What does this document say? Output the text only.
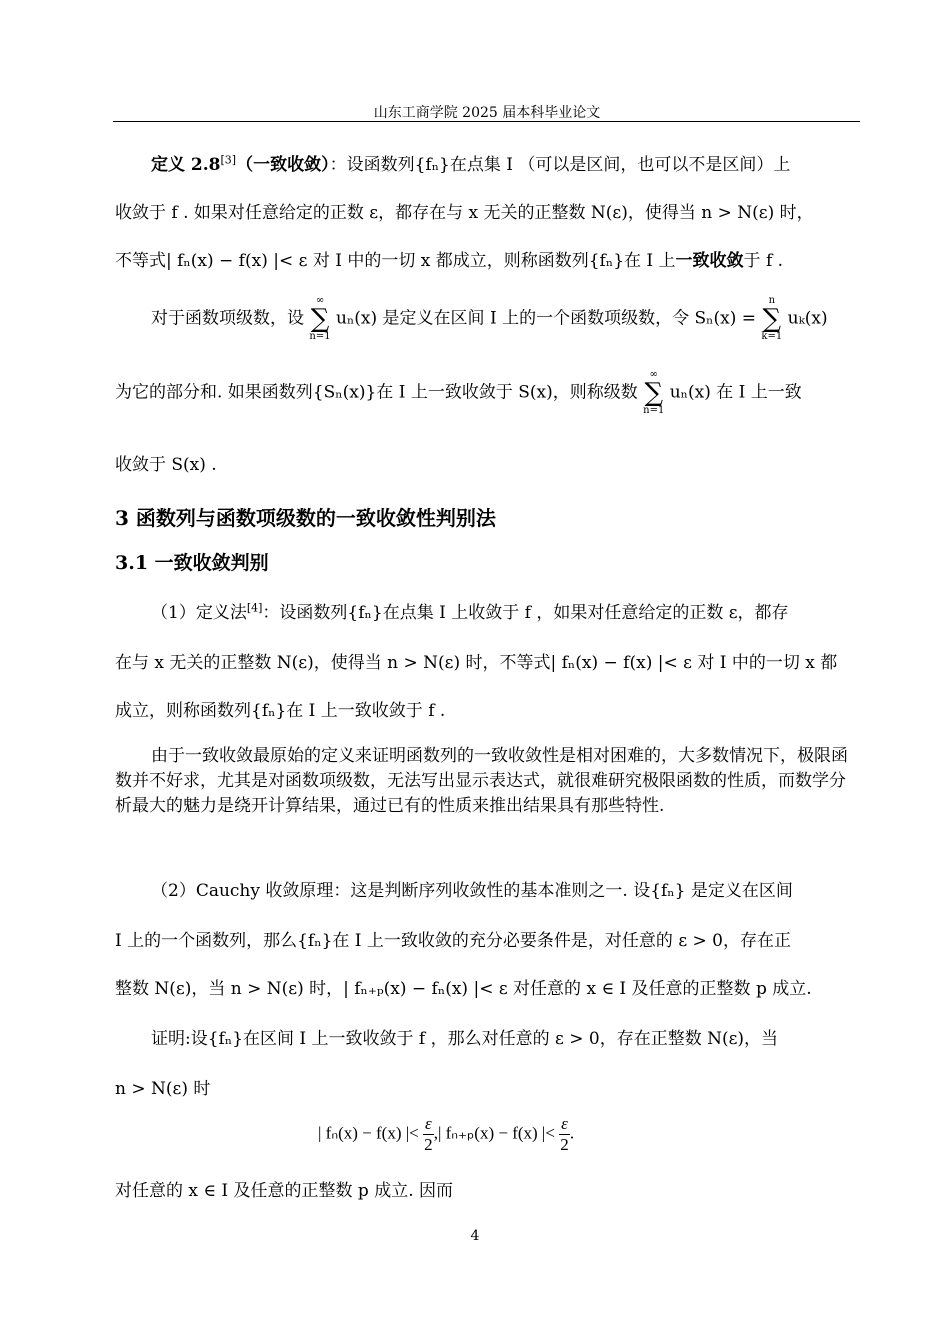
山东工商学院 2025 届本科毕业论文
定义 2.8[3]（一致收敛）：设函数列{fₙ}在点集 I （可以是区间，也可以不是区间）上
收敛于 f . 如果对任意给定的正数 ε，都存在与 x 无关的正整数 N(ε)，使得当 n > N(ε) 时，
不等式| fₙ(x) − f(x) |< ε 对 I 中的一切 x 都成立，则称函数列{fₙ}在 I 上一致收敛于 f .
对于函数项级数，设
∞
∑
n=1
uₙ(x) 是定义在区间 I 上的一个函数项级数，令 Sₙ(x) =
n
∑
k=1
uₖ(x)
为它的部分和. 如果函数列{Sₙ(x)}在 I 上一致收敛于 S(x)，则称级数
∞
∑
n=1
uₙ(x) 在 I 上一致
收敛于 S(x) .
3 函数列与函数项级数的一致收敛性判别法
3.1 一致收敛判别
（1）定义法[4]：设函数列{fₙ}在点集 I 上收敛于 f ，如果对任意给定的正数 ε，都存
在与 x 无关的正整数 N(ε)，使得当 n > N(ε) 时，不等式| fₙ(x) − f(x) |< ε 对 I 中的一切 x 都
成立，则称函数列{fₙ}在 I 上一致收敛于 f .
由于一致收敛最原始的定义来证明函数列的一致收敛性是相对困难的，大多数情况下，极限函数并不好求，尤其是对函数项级数，无法写出显示表达式，就很难研究极限函数的性质，而数学分析最大的魅力是绕开计算结果，通过已有的性质来推出结果具有那些特性.
（2）Cauchy 收敛原理：这是判断序列收敛性的基本准则之一. 设{fₙ} 是定义在区间
I 上的一个函数列，那么{fₙ}在 I 上一致收敛的充分必要条件是，对任意的 ε > 0，存在正
整数 N(ε)，当 n > N(ε) 时，| fₙ₊ₚ(x) − fₙ(x) |< ε 对任意的 x ∈ I 及任意的正整数 p 成立.
证明:设{fₙ}在区间 I 上一致收敛于 f ，那么对任意的 ε > 0，存在正整数 N(ε)，当
n > N(ε) 时
| fₙ(x) − f(x) |< $\frac{\varepsilon}{2}$ ,| fₙ₊ₚ(x) − f(x) |< $\frac{\varepsilon}{2}$ .
对任意的 x ∈ I 及任意的正整数 p 成立. 因而
4
